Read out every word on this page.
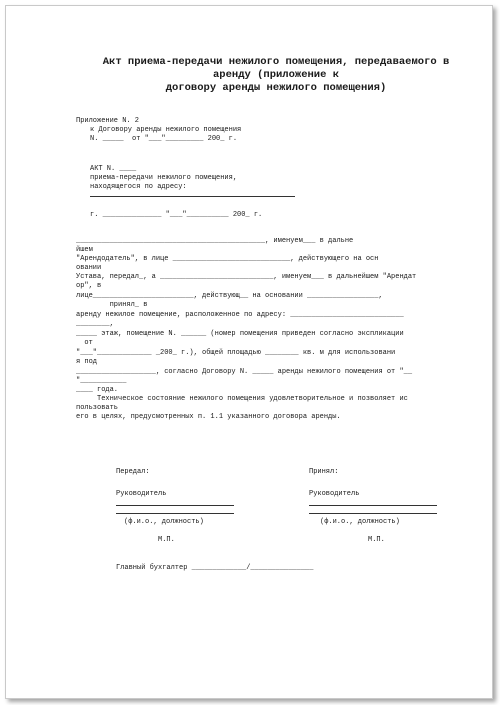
Акт приема-передачи нежилого помещения, передаваемого в
аренду (приложение к
договору аренды нежилого помещения)
Приложение N. 2
к Договору аренды нежилого помещения
N. _____  от "___"_________ 200_ г.
АКТ N. ____
приема-передачи нежилого помещения,
находящегося по адресу:
г. ______________ "___"__________ 200_ г.
_____________________________________________, именуем___ в дальне
йшем
"Арендодатель", в лице ____________________________, действующего на осн
овании
Устава, передал_, а ___________________________, именуем___ в дальнейшем "Арендат
ор", в
лице________________________, действующ__ на основании _________________,
принял_ в
аренду нежилое помещение, расположенное по адресу: ___________________________
________,
_____ этаж, помещение N. ______ (номер помещения приведен согласно экспликации
от
"___"_____________ _200_ г.), общей площадью ________ кв. м для использовани
я под
___________________, согласно Договору N. _____ аренды нежилого помещения от "__
"___________
____ года.
Техническое состояние нежилого помещения удовлетворительное и позволяет ис
пользовать
его в целях, предусмотренных п. 1.1 указанного договора аренды.
Передал:
Руководитель
(ф.и.о., должность)
М.П.
Принял:
Руководитель
(ф.и.о., должность)
М.П.
Главный бухгалтер _____________/_______________
